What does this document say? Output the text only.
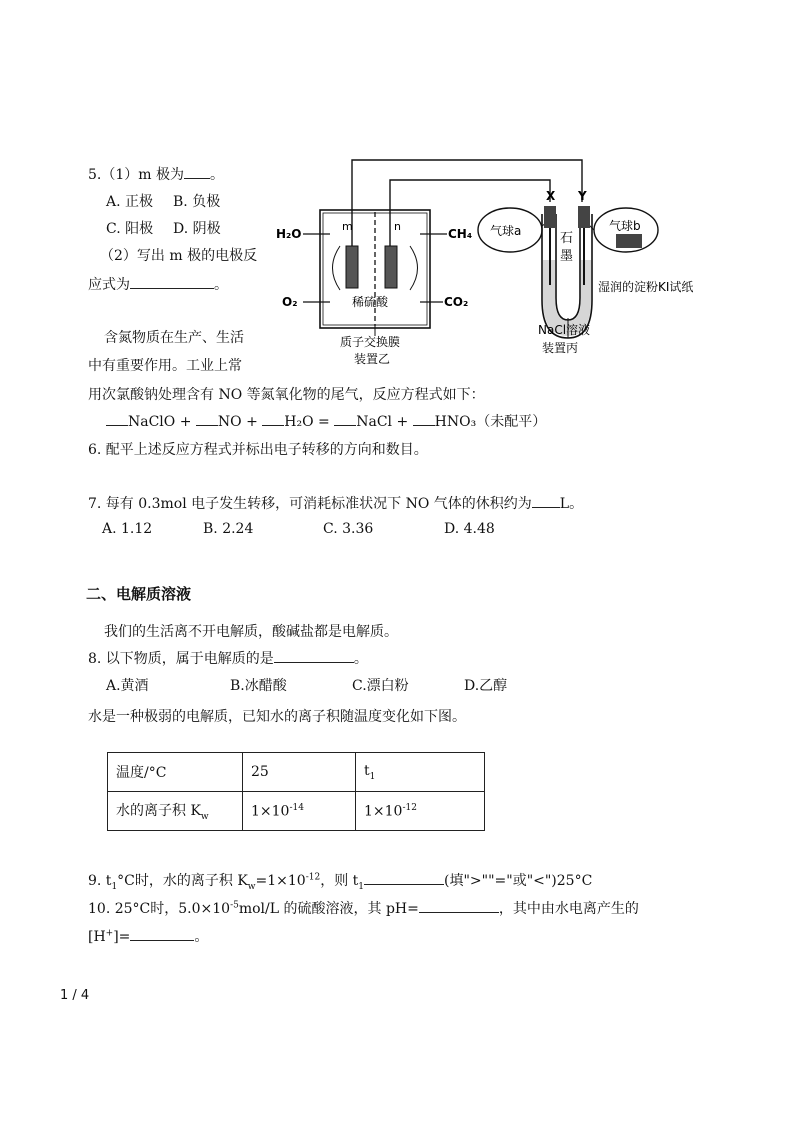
5.（1）m 极为 。
A. 正极 B. 负极
C. 阳极 D. 阴极
（2）写出 m 极的电极反
应式为	。
m	n
H₂O
O₂
CH₄
CO₂
稀硫酸
质子交换膜
装置乙
气球a	气球b
X Y
石
墨
湿润的淀粉KI试纸
NaCl溶液
装置丙
含氮物质在生产、生活
中有重要作用。工业上常
用次氯酸钠处理含有 NO 等氮氧化物的尾气，反应方程式如下：
NaClO + NO + H₂O = NaCl + HNO₃（未配平）
6. 配平上述反应方程式并标出电子转移的方向和数目。
7. 每有 0.3mol 电子发生转移，可消耗标准状况下 NO 气体的休积约为 L。
A. 1.12	B. 2.24	C. 3.36	D. 4.48
二、电解质溶液
我们的生活离不开电解质，酸碱盐都是电解质。
8. 以下物质，属于电解质的是	。
A.黄酒	B.冰醋酸	C.漂白粉	D.乙醇
水是一种极弱的电解质，已知水的离子积随温度变化如下图。
温度/°C	25	$t_1$
水的离子积 $K_w$	$1\times 10^{-14}$	$1\times 10^{-12}$
9. $t_1^\circ C$时，水的离子积 $K_w=1\times 10^{-12}$，则 $t_1$	(填">""="或"<")25°C
10. 25°C时，$5.0\times 10^{-5}mol/L$ 的硫酸溶液，其 pH=	，其中由水电离产生的
[H+]=	。
1 / 4
